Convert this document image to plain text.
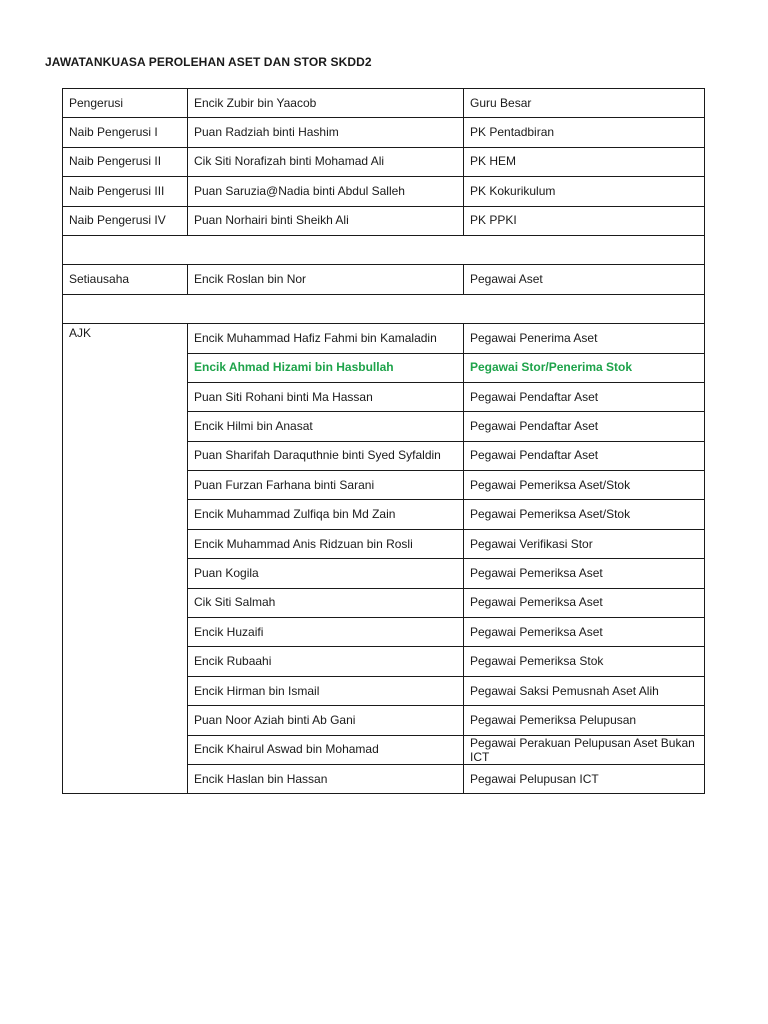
JAWATANKUASA PEROLEHAN ASET DAN STOR SKDD2
Pengerusi	Encik Zubir bin Yaacob	Guru Besar
Naib Pengerusi I	Puan Radziah binti Hashim	PK Pentadbiran
Naib Pengerusi II	Cik Siti Norafizah binti Mohamad Ali	PK HEM
Naib Pengerusi III	Puan Saruzia@Nadia binti Abdul Salleh	PK Kokurikulum
Naib Pengerusi IV	Puan Norhairi binti Sheikh Ali	PK PPKI

Setiausaha	Encik Roslan bin Nor	Pegawai Aset

AJK	Encik Muhammad Hafiz Fahmi bin Kamaladin	Pegawai Penerima Aset
	Encik Ahmad Hizami bin Hasbullah	Pegawai Stor/Penerima Stok
	Puan Siti Rohani binti Ma Hassan	Pegawai Pendaftar Aset
	Encik Hilmi bin Anasat	Pegawai Pendaftar Aset
	Puan Sharifah Daraquthnie binti Syed Syfaldin	Pegawai Pendaftar Aset
	Puan Furzan Farhana binti Sarani	Pegawai Pemeriksa Aset/Stok
	Encik Muhammad Zulfiqa bin Md Zain	Pegawai Pemeriksa Aset/Stok
	Encik Muhammad Anis Ridzuan bin Rosli	Pegawai Verifikasi Stor
	Puan Kogila	Pegawai Pemeriksa Aset
	Cik Siti Salmah	Pegawai Pemeriksa Aset
	Encik Huzaifi	Pegawai Pemeriksa Aset
	Encik Rubaahi	Pegawai Pemeriksa Stok
	Encik Hirman bin Ismail	Pegawai Saksi Pemusnah Aset Alih
	Puan Noor Aziah binti Ab Gani	Pegawai Pemeriksa Pelupusan
	Encik Khairul Aswad bin Mohamad	Pegawai Perakuan Pelupusan Aset Bukan ICT
	Encik Haslan bin Hassan	Pegawai Pelupusan ICT
